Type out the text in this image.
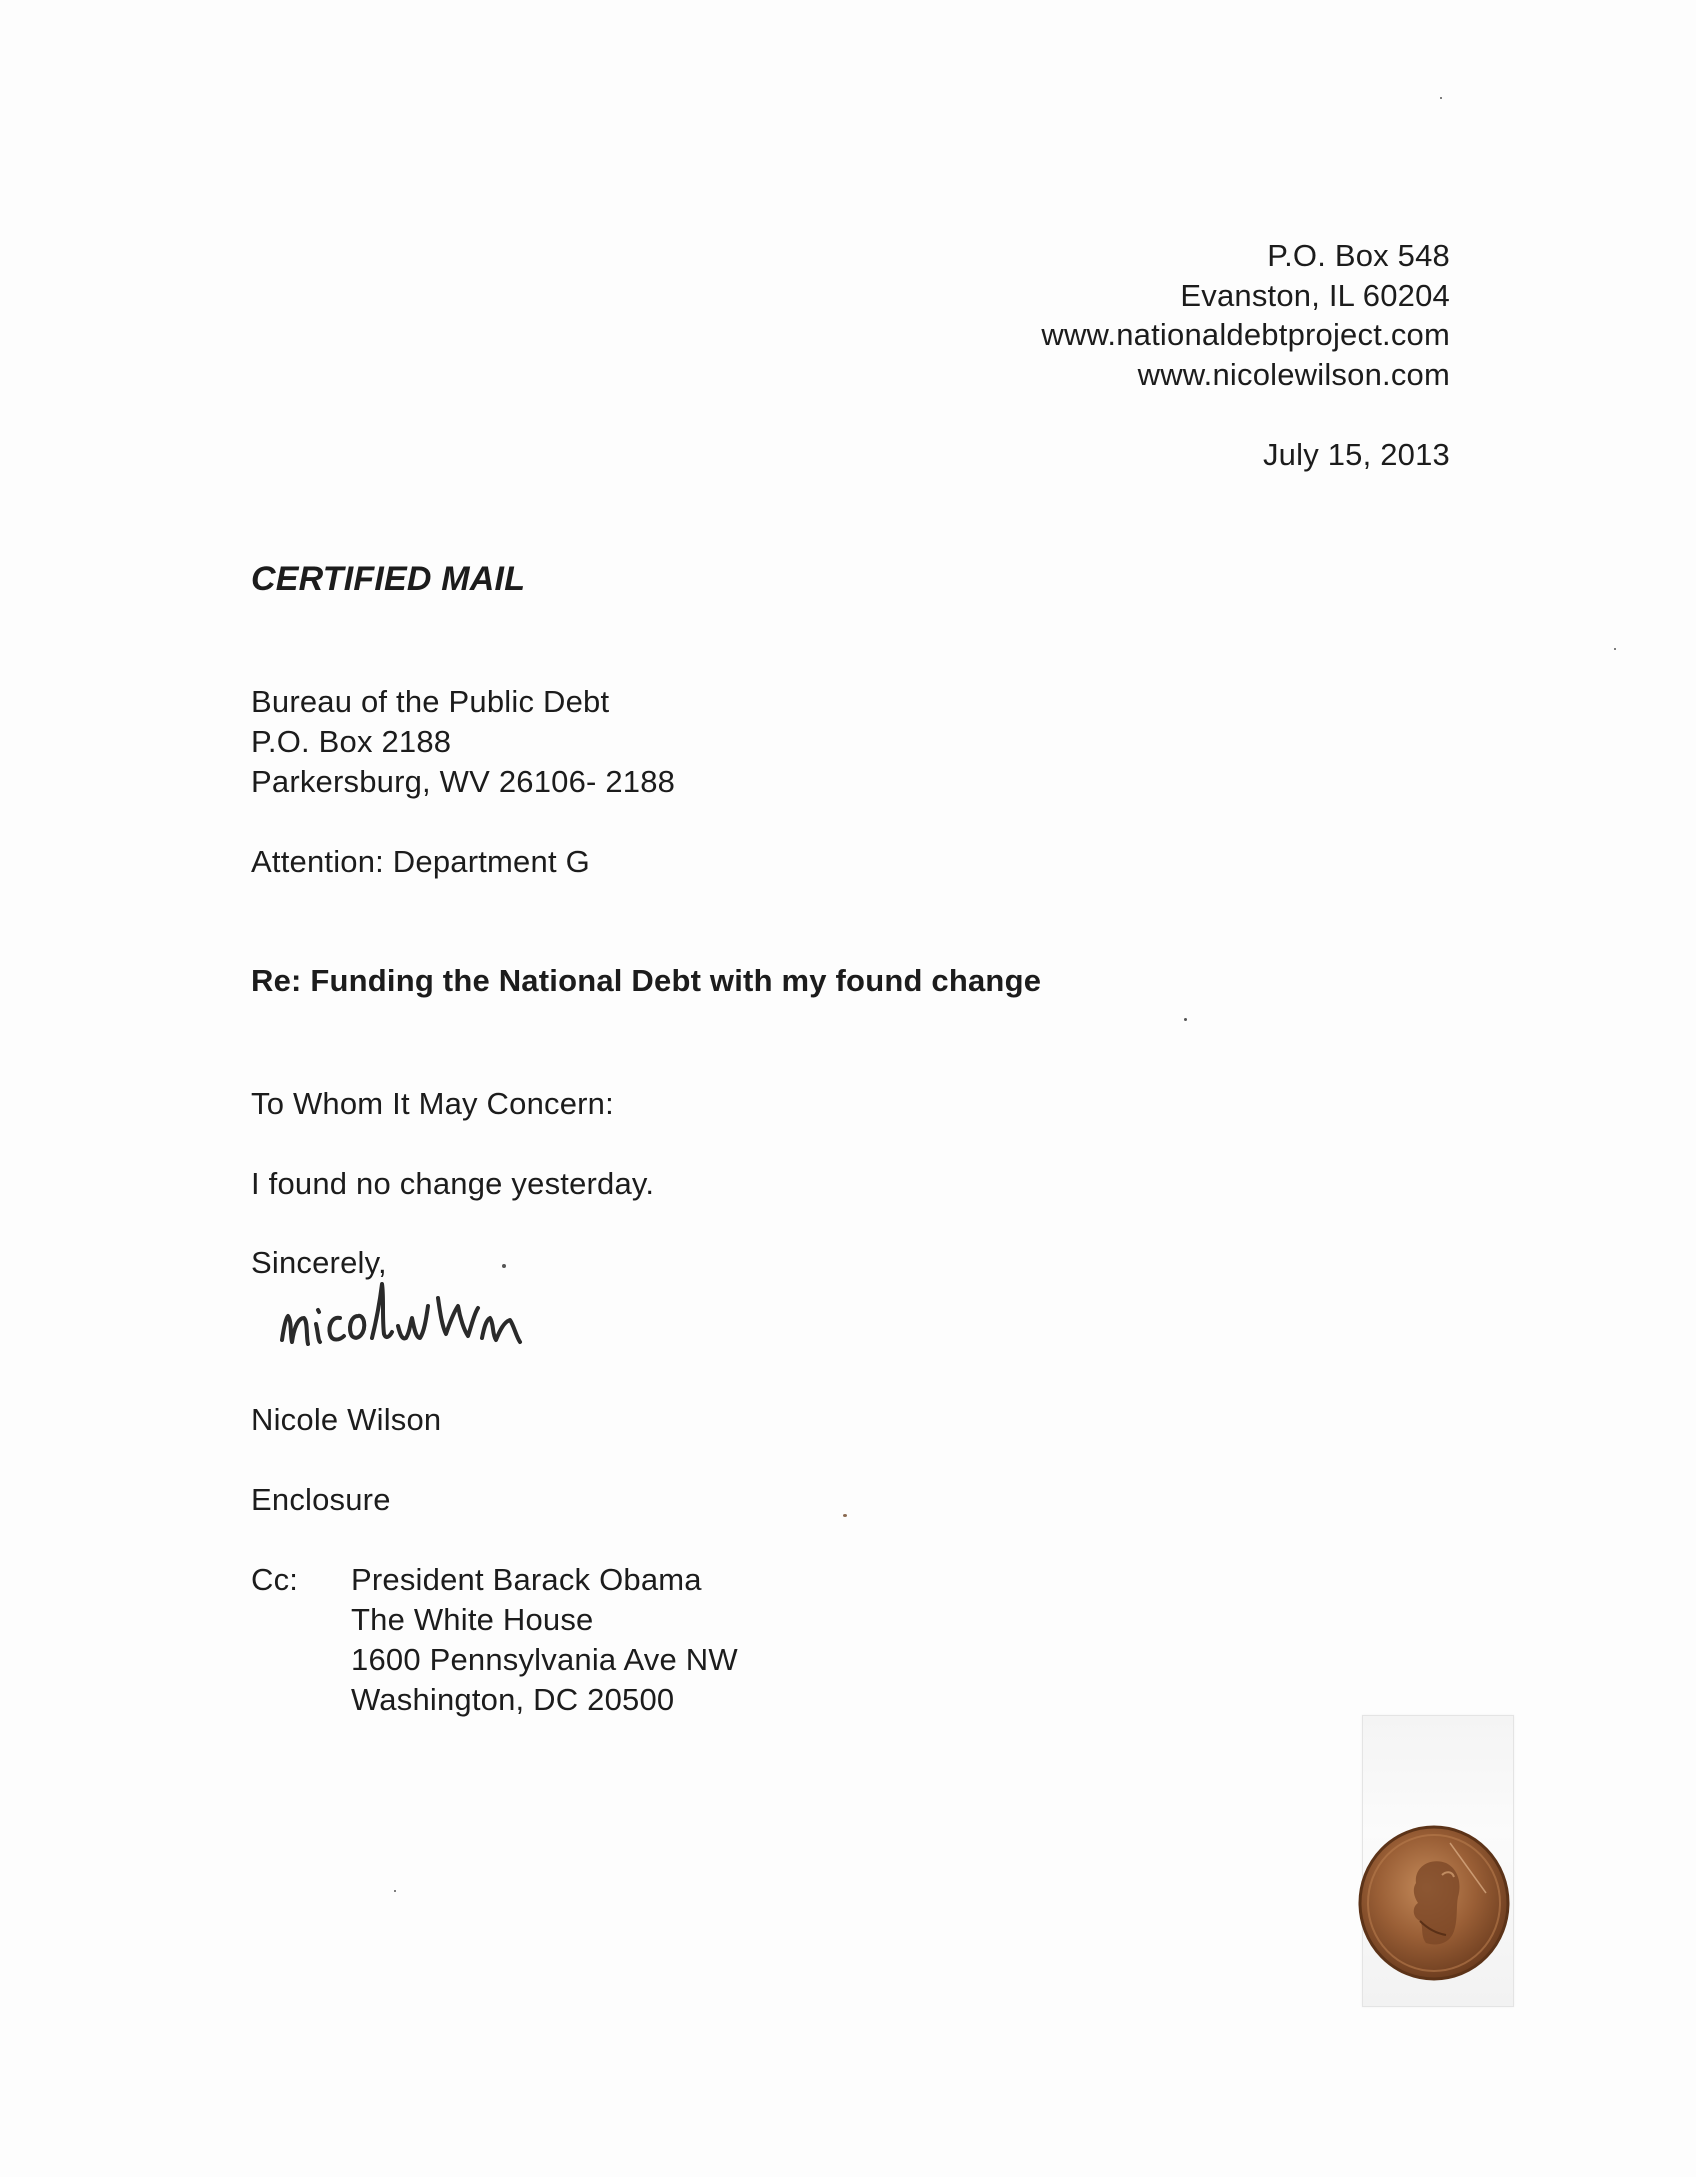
P.O. Box 548
Evanston, IL 60204
www.nationaldebtproject.com
www.nicolewilson.com
July 15, 2013
CERTIFIED MAIL
Bureau of the Public Debt
P.O. Box 2188
Parkersburg, WV 26106- 2188
Attention: Department G
Re: Funding the National Debt with my found change
To Whom It May Concern:
I found no change yesterday.
Sincerely,
Nicole Wilson
Enclosure
Cc: President Barack Obama
The White House
1600 Pennsylvania Ave NW
Washington, DC 20500
